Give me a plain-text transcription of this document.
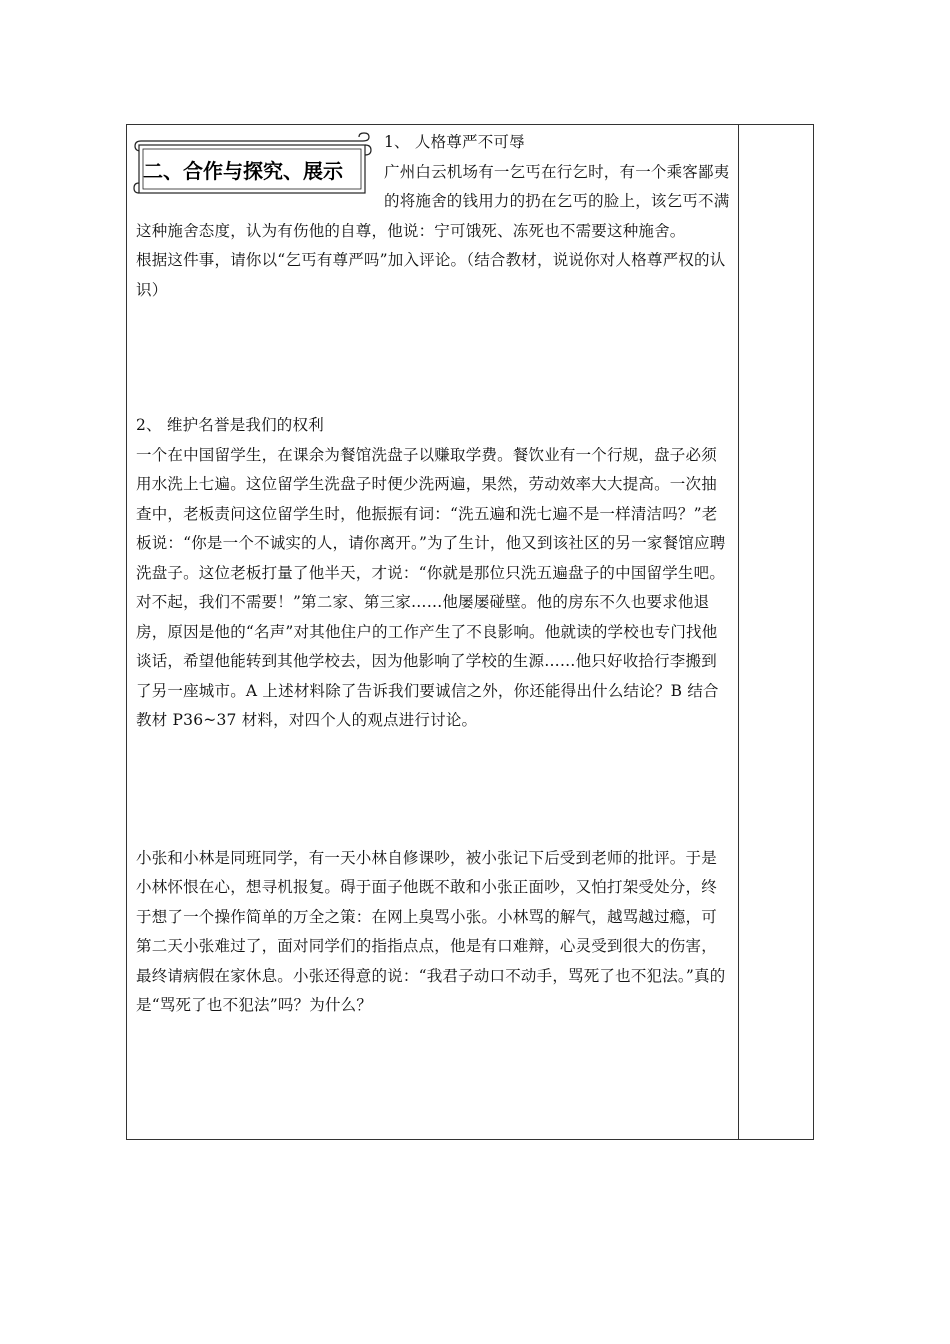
二、合作与探究、展示

1、 人格尊严不可辱

广州白云机场有一乞丐在行乞时，有一个乘客鄙夷的将施舍的钱用力的扔在乞丐的脸上，该乞丐不满这种施舍态度，认为有伤他的自尊，他说：宁可饿死、冻死也不需要这种施舍。

根据这件事，请你以“乞丐有尊严吗”加入评论。（结合教材，说说你对人格尊严权的认识）

2、 维护名誉是我们的权利

一个在中国留学生，在课余为餐馆洗盘子以赚取学费。餐饮业有一个行规，盘子必须用水洗上七遍。这位留学生洗盘子时便少洗两遍，果然，劳动效率大大提高。一次抽查中，老板责问这位留学生时，他振振有词：“洗五遍和洗七遍不是一样清洁吗？”老板说：“你是一个不诚实的人，请你离开。”为了生计，他又到该社区的另一家餐馆应聘洗盘子。这位老板打量了他半天，才说：“你就是那位只洗五遍盘子的中国留学生吧。对不起，我们不需要！”第二家、第三家……他屡屡碰壁。他的房东不久也要求他退房，原因是他的“名声”对其他住户的工作产生了不良影响。他就读的学校也专门找他谈话，希望他能转到其他学校去，因为他影响了学校的生源……他只好收拾行李搬到了另一座城市。A 上述材料除了告诉我们要诚信之外，你还能得出什么结论？B 结合教材 P36~37 材料，对四个人的观点进行讨论。

小张和小林是同班同学，有一天小林自修课吵，被小张记下后受到老师的批评。于是小林怀恨在心，想寻机报复。碍于面子他既不敢和小张正面吵，又怕打架受处分，终于想了一个操作简单的万全之策：在网上臭骂小张。小林骂的解气，越骂越过瘾，可第二天小张难过了，面对同学们的指指点点，他是有口难辩，心灵受到很大的伤害，最终请病假在家休息。小张还得意的说：“我君子动口不动手，骂死了也不犯法。”真的是“骂死了也不犯法”吗？为什么？
